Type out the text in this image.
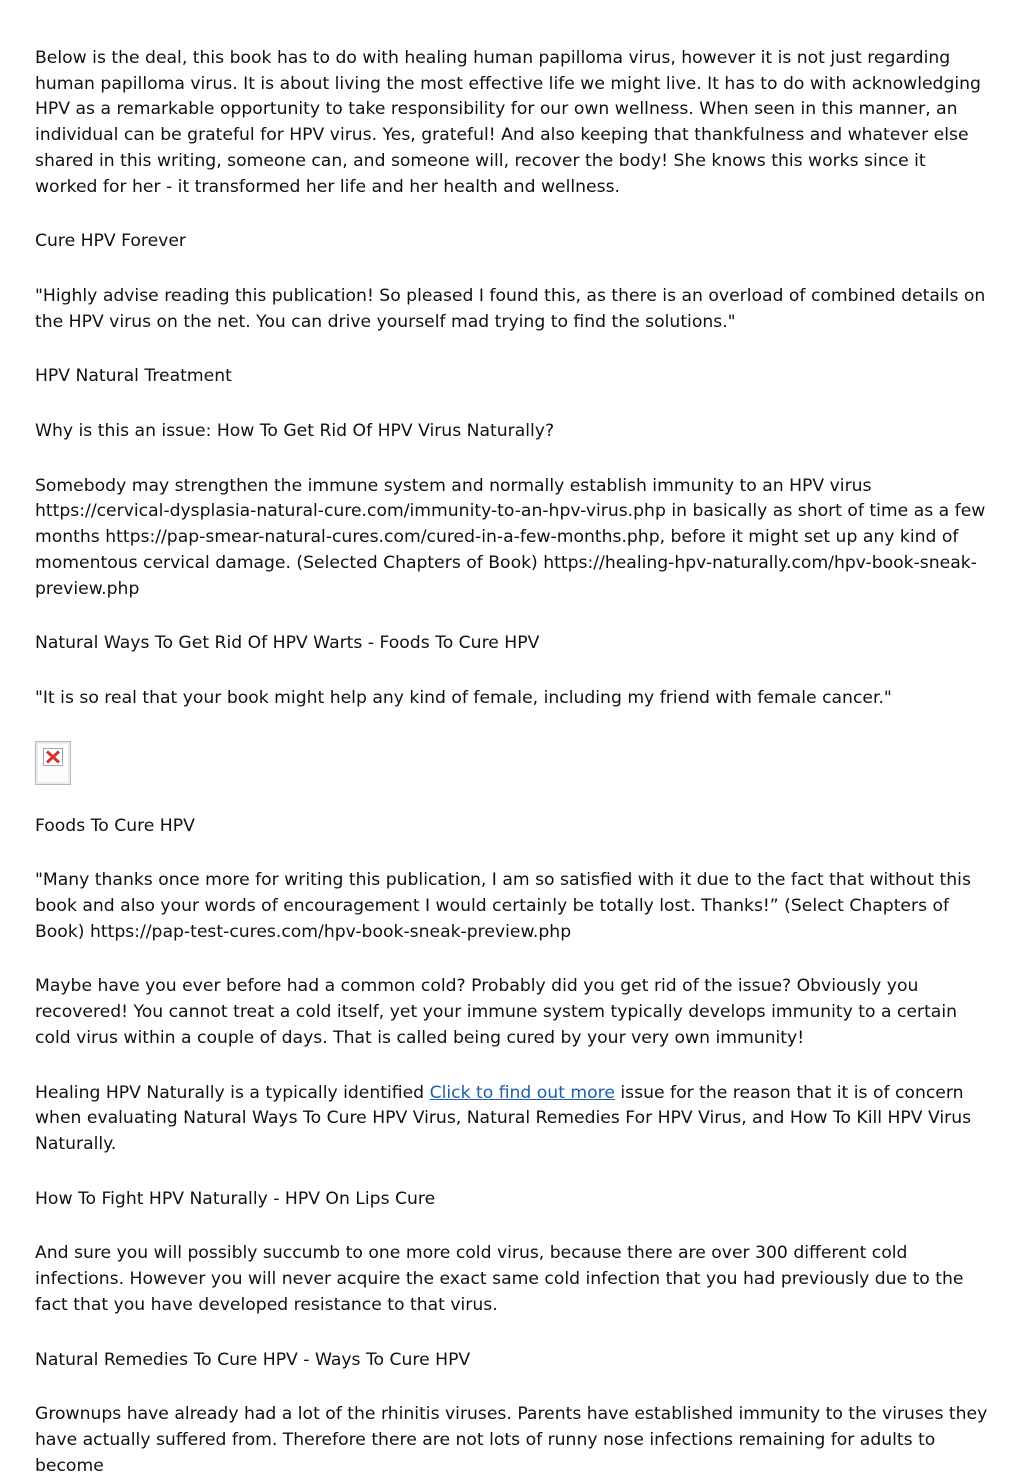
Below is the deal, this book has to do with healing human papilloma virus, however it is not just regarding human papilloma virus. It is about living the most effective life we might live. It has to do with acknowledging HPV as a remarkable opportunity to take responsibility for our own wellness. When seen in this manner, an individual can be grateful for HPV virus. Yes, grateful! And also keeping that thankfulness and whatever else shared in this writing, someone can, and someone will, recover the body! She knows this works since it worked for her - it transformed her life and her health and wellness.

Cure HPV Forever

"Highly advise reading this publication! So pleased I found this, as there is an overload of combined details on the HPV virus on the net. You can drive yourself mad trying to find the solutions."

HPV Natural Treatment

Why is this an issue: How To Get Rid Of HPV Virus Naturally?

Somebody may strengthen the immune system and normally establish immunity to an HPV virus https://cervical-dysplasia-natural-cure.com/immunity-to-an-hpv-virus.php in basically as short of time as a few months https://pap-smear-natural-cures.com/cured-in-a-few-months.php, before it might set up any kind of momentous cervical damage. (Selected Chapters of Book) https://healing-hpv-naturally.com/hpv-book-sneak-preview.php

Natural Ways To Get Rid Of HPV Warts - Foods To Cure HPV

"It is so real that your book might help any kind of female, including my friend with female cancer."

Foods To Cure HPV

"Many thanks once more for writing this publication, I am so satisfied with it due to the fact that without this book and also your words of encouragement I would certainly be totally lost. Thanks!” (Select Chapters of Book) https://pap-test-cures.com/hpv-book-sneak-preview.php

Maybe have you ever before had a common cold? Probably did you get rid of the issue? Obviously you recovered! You cannot treat a cold itself, yet your immune system typically develops immunity to a certain cold virus within a couple of days. That is called being cured by your very own immunity!

Healing HPV Naturally is a typically identified Click to find out more issue for the reason that it is of concern when evaluating Natural Ways To Cure HPV Virus, Natural Remedies For HPV Virus, and How To Kill HPV Virus Naturally.

How To Fight HPV Naturally - HPV On Lips Cure

And sure you will possibly succumb to one more cold virus, because there are over 300 different cold infections. However you will never acquire the exact same cold infection that you had previously due to the fact that you have developed resistance to that virus.

Natural Remedies To Cure HPV - Ways To Cure HPV

Grownups have already had a lot of the rhinitis viruses. Parents have established immunity to the viruses they have actually suffered from. Therefore there are not lots of runny nose infections remaining for adults to become
